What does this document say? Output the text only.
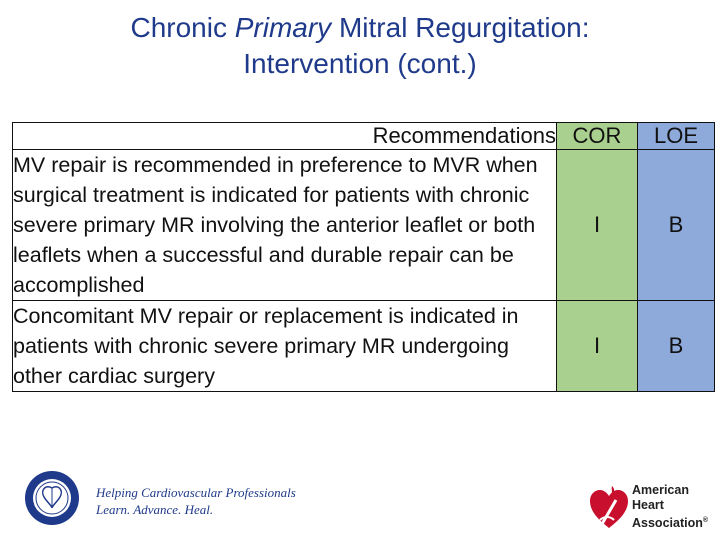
Chronic Primary Mitral Regurgitation:
Intervention (cont.)
Recommendations	COR	LOE
MV repair is recommended in preference to MVR when surgical treatment is indicated for patients with chronic severe primary MR involving the anterior leaflet or both leaflets when a successful and durable repair can be accomplished	I	B
Concomitant MV repair or replacement is indicated in patients with chronic severe primary MR undergoing other cardiac surgery	I	B
Helping Cardiovascular Professionals
Learn. Advance. Heal.
American
Heart
Association®
